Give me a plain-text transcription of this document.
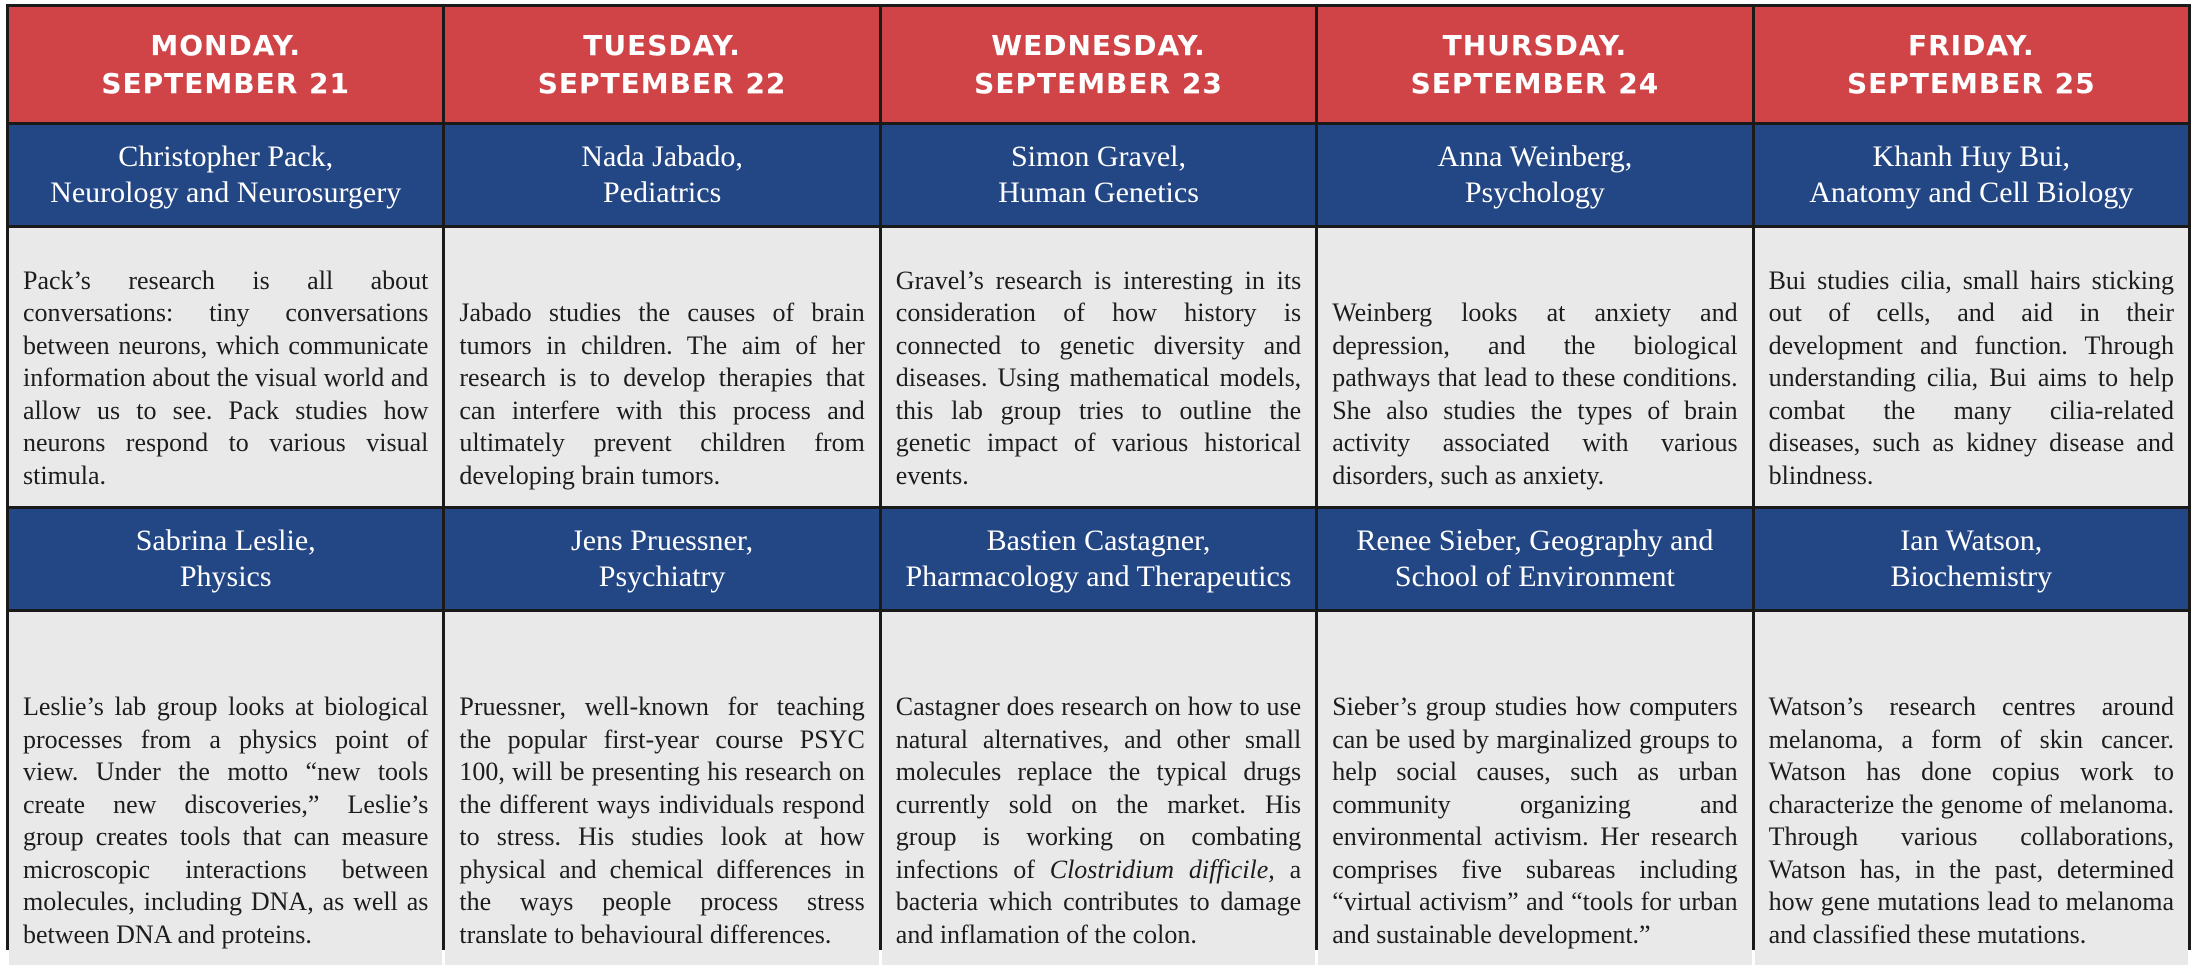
MONDAY.
SEPTEMBER 21
TUESDAY.
SEPTEMBER 22
WEDNESDAY.
SEPTEMBER 23
THURSDAY.
SEPTEMBER 24
FRIDAY.
SEPTEMBER 25
Christopher Pack,
Neurology and Neurosurgery
Nada Jabado,
Pediatrics
Simon Gravel,
Human Genetics
Anna Weinberg,
Psychology
Khanh Huy Bui,
Anatomy and Cell Biology
Pack’s research is all about conversations: tiny conversations between neurons, which communicate information about the visual world and allow us to see. Pack studies how neurons respond to various visual stimula.
Jabado studies the causes of brain tumors in children. The aim of her research is to develop therapies that can interfere with this process and ultimately prevent children from developing brain tumors.
Gravel’s research is interesting in its consideration of how history is connected to genetic diversity and diseases. Using mathematical models, this lab group tries to outline the genetic impact of various historical events.
Weinberg looks at anxiety and depression, and the biological pathways that lead to these conditions. She also studies the types of brain activity associated with various disorders, such as anxiety.
Bui studies cilia, small hairs sticking out of cells, and aid in their development and function. Through understanding cilia, Bui aims to help combat the many cilia-related diseases, such as kidney disease and blindness.
Sabrina Leslie,
Physics
Jens Pruessner,
Psychiatry
Bastien Castagner,
Pharmacology and Therapeutics
Renee Sieber, Geography and
School of Environment
Ian Watson,
Biochemistry
Leslie’s lab group looks at biological processes from a physics point of view. Under the motto “new tools create new discoveries,” Leslie’s group creates tools that can measure microscopic interactions between molecules, including DNA, as well as between DNA and proteins.
Pruessner, well-known for teaching the popular first-year course PSYC 100, will be presenting his research on the different ways individuals respond to stress. His studies look at how physical and chemical differences in the ways people process stress translate to behavioural differences.
Castagner does research on how to use natural alternatives, and other small molecules replace the typical drugs currently sold on the market. His group is working on combating infections of Clostridium difficile, a bacteria which contributes to damage and inflamation of the colon.
Sieber’s group studies how computers can be used by marginalized groups to help social causes, such as urban community organizing and environmental activism. Her research comprises five subareas including “virtual activism” and “tools for urban and sustainable development.”
Watson’s research centres around melanoma, a form of skin cancer. Watson has done copius work to characterize the genome of melanoma. Through various collaborations, Watson has, in the past, determined how gene mutations lead to melanoma and classified these mutations.
